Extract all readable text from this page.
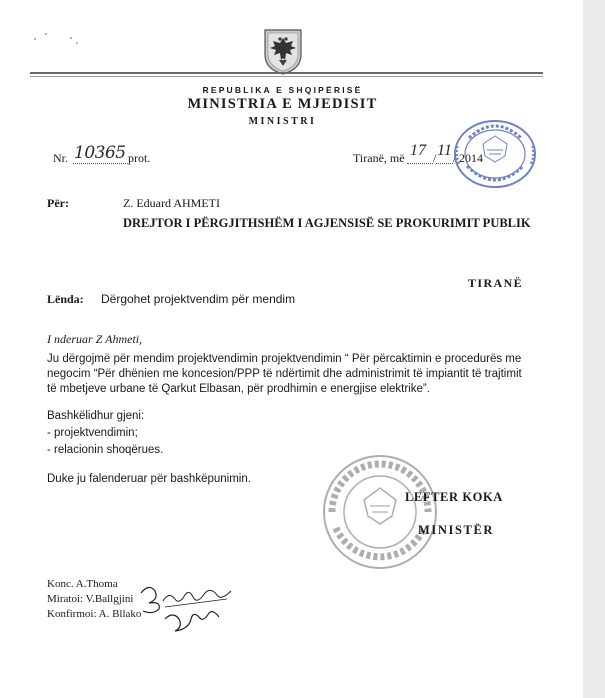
REPUBLIKA E SHQIPËRISË
MINISTRIA E MJEDISIT
MINISTRI
Nr. 10365 prot.	Tiranë, më 17 / 11 / 2014
Për:	Z. Eduard AHMETI
DREJTOR I PËRGJITHSHËM I AGJENSISË SE PROKURIMIT PUBLIK
TIRANË
Lënda: Dërgohet projektvendim për mendim
I nderuar Z Ahmeti,
Ju dërgojmë për mendim projektvendimin projektvendimin “ Për përcaktimin e procedurës me
negocim “Për dhënien me koncesion/PPP të ndërtimit dhe administrimit të impiantit të trajtimit
të mbetjeve urbane të Qarkut Elbasan, për prodhimin e energjise elektrike”.
Bashkëlidhur gjeni:
- projektvendimin;
- relacionin shoqërues.
Duke ju falenderuar për bashkëpunimin.
LEFTER KOKA
MINISTËR
Konc. A.Thoma
Miratoi: V.Ballgjini
Konfirmoi: A. Bllako
